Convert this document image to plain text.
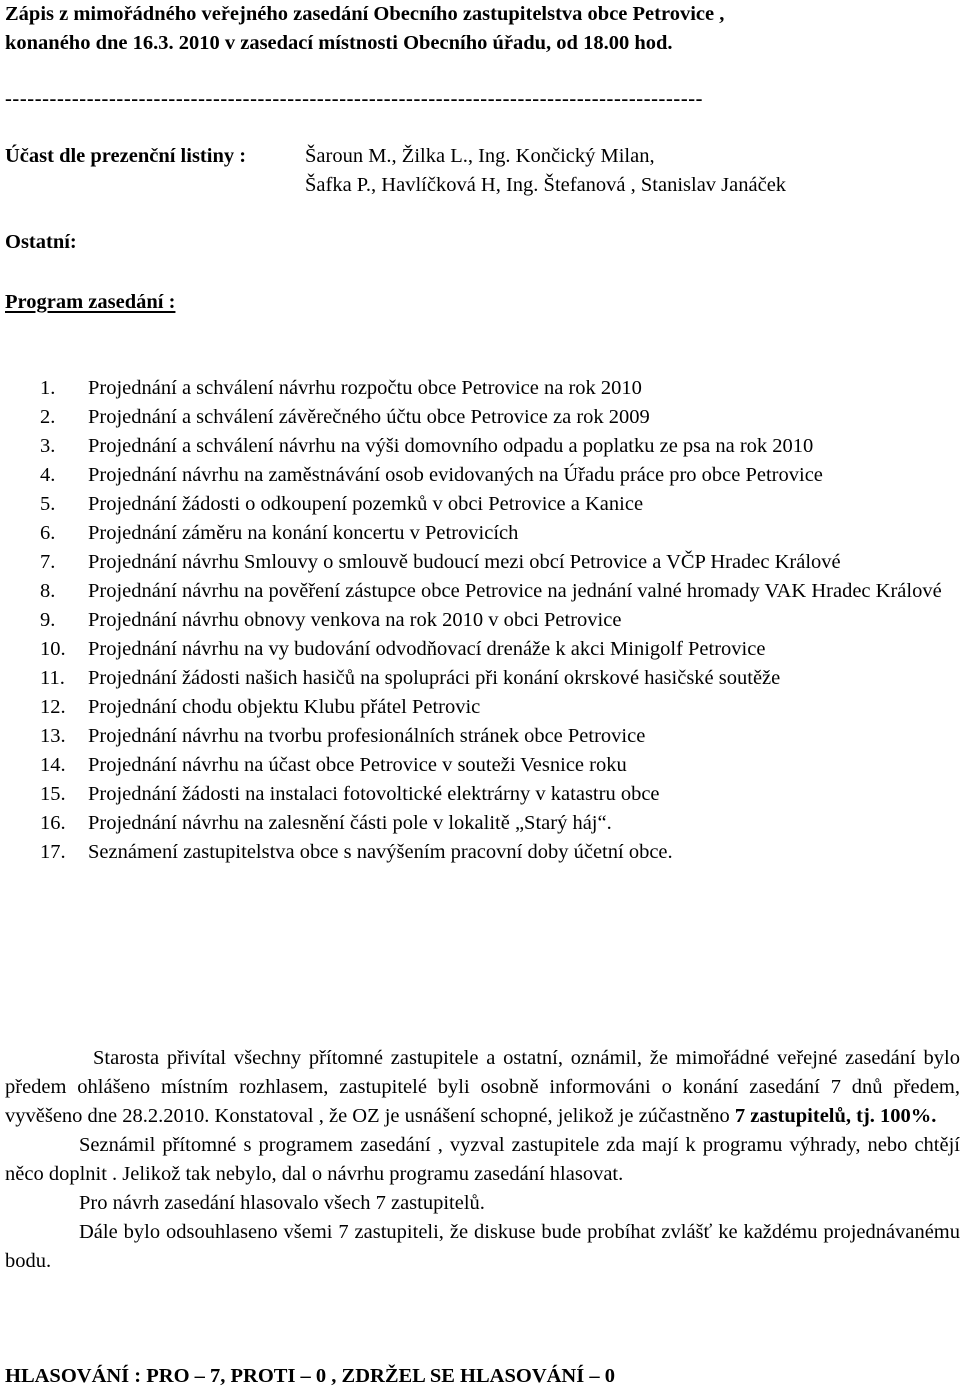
Zápis z mimořádného veřejného zasedání Obecního zastupitelstva obce Petrovice ,
konaného dne 16.3. 2010 v zasedací místnosti Obecního úřadu, od 18.00 hod.
----------------------------------------------------------------------------------------------
Účast dle prezenční listiny :	Šaroun M., Žilka L., Ing. Končický Milan,
Šafka P., Havlíčková H, Ing. Štefanová , Stanislav Janáček
Ostatní:
Program zasedání :
1.	Projednání a schválení návrhu rozpočtu obce Petrovice na rok 2010
2.	Projednání a schválení závěrečného účtu obce Petrovice za rok 2009
3.	Projednání a schválení návrhu na výši domovního odpadu a poplatku ze psa na rok 2010
4.	Projednání návrhu na zaměstnávání osob evidovaných na Úřadu práce pro obce Petrovice
5.	Projednání žádosti o odkoupení pozemků v obci Petrovice a Kanice
6.	Projednání záměru na konání koncertu v Petrovicích
7.	Projednání návrhu Smlouvy o smlouvě budoucí mezi obcí Petrovice a VČP Hradec Králové
8.	Projednání návrhu na pověření zástupce obce Petrovice na jednání valné hromady VAK Hradec Králové
9.	Projednání návrhu obnovy venkova na rok 2010 v obci Petrovice
10.	Projednání návrhu na vy budování odvodňovací drenáže k akci Minigolf Petrovice
11.	Projednání žádosti našich hasičů na spolupráci při konání okrskové hasičské soutěže
12.	Projednání chodu objektu Klubu přátel Petrovic
13.	Projednání návrhu na tvorbu profesionálních stránek obce Petrovice
14.	Projednání návrhu na účast obce Petrovice v souteži Vesnice roku
15.	Projednání žádosti na instalaci fotovoltické elektrárny v katastru obce
16.	Projednání návrhu na zalesnění části pole v lokalitě „Starý háj“.
17.	Seznámení zastupitelstva obce s navýšením pracovní doby účetní obce.

Starosta přivítal všechny přítomné zastupitele a ostatní, oznámil, že mimořádné veřejné zasedání bylo předem ohlášeno místním rozhlasem, zastupitelé byli osobně informováni o konání zasedání 7 dnů předem, vyvěšeno dne 28.2.2010. Konstatoval , že OZ je usnášení schopné, jelikož je zúčastněno 7 zastupitelů, tj. 100%.

Seznámil přítomné s programem zasedání , vyzval zastupitele zda mají k programu výhrady, nebo chtějí něco doplnit . Jelikož tak nebylo, dal o návrhu programu zasedání hlasovat.

Pro návrh zasedání hlasovalo všech 7 zastupitelů.

Dále bylo odsouhlaseno všemi 7 zastupiteli, že diskuse bude probíhat zvlášť ke každému projednávanému bodu.

HLASOVÁNÍ : PRO – 7, PROTI – 0 , ZDRŽEL SE HLASOVÁNÍ – 0
